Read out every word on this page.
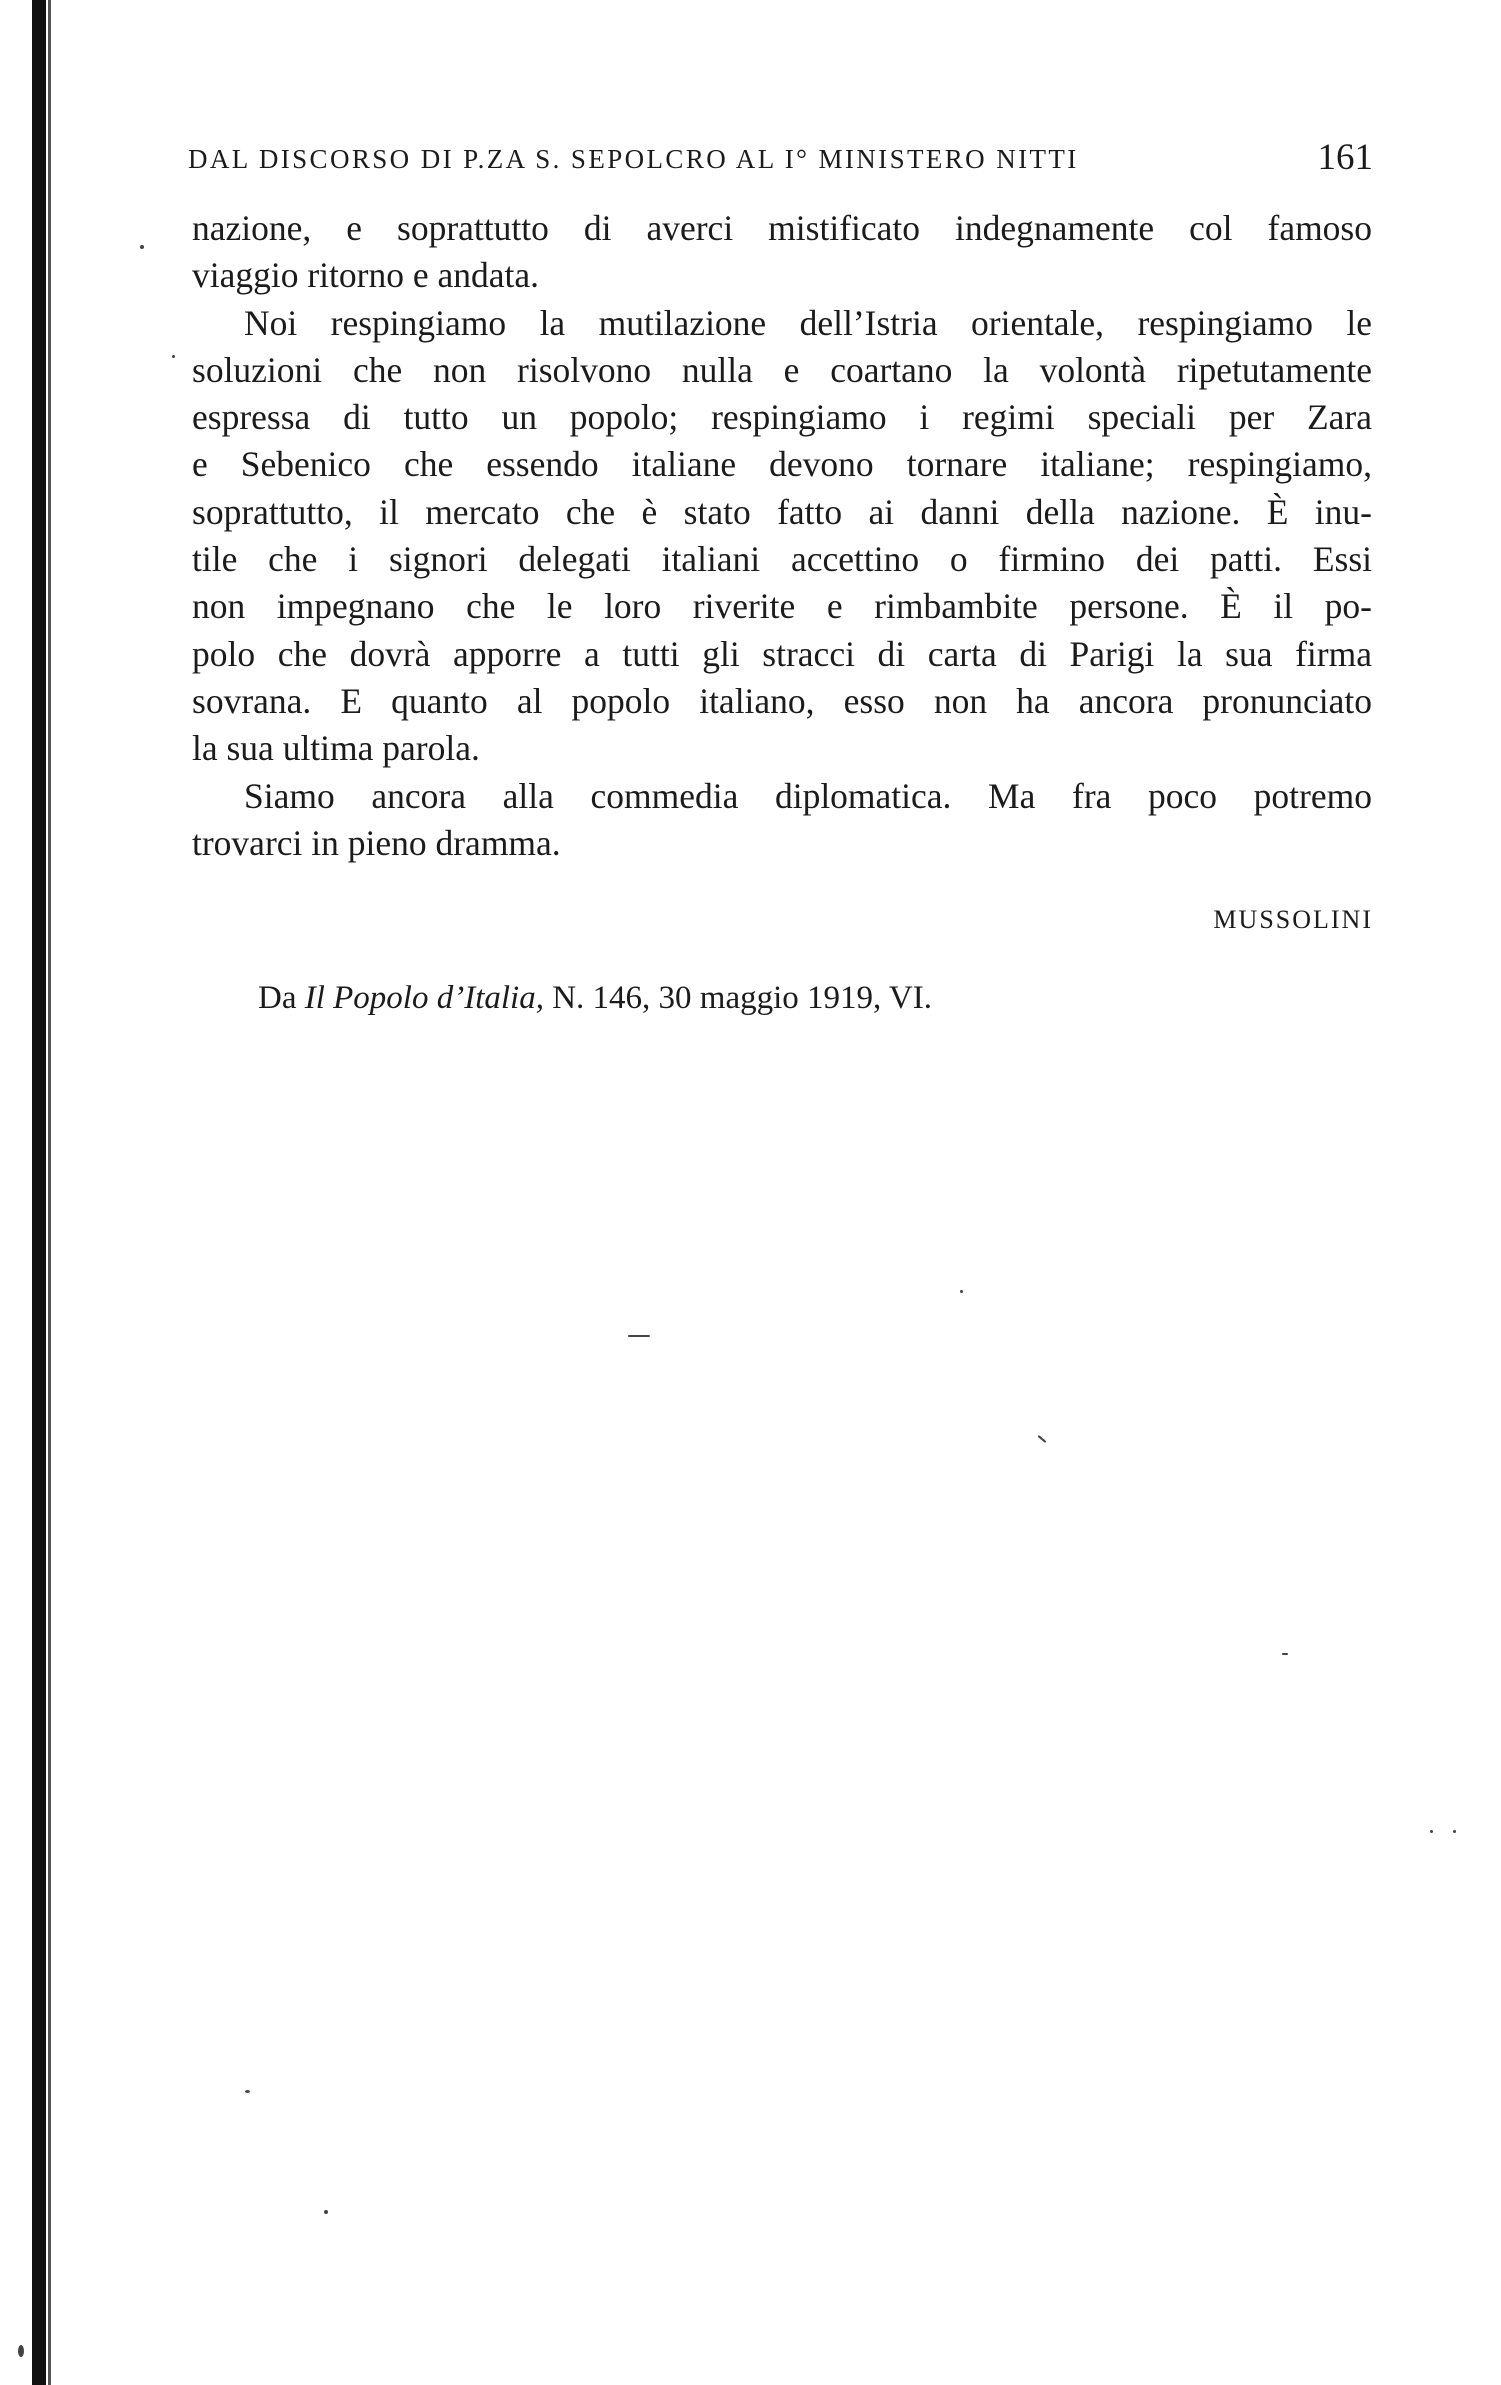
DAL DISCORSO DI P.ZA S. SEPOLCRO AL I° MINISTERO NITTI	161

nazione, e soprattutto di averci mistificato indegnamente col famoso

viaggio ritorno e andata.

Noi respingiamo la mutilazione dell’Istria orientale, respingiamo le

soluzioni che non risolvono nulla e coartano la volontà ripetutamente

espressa di tutto un popolo; respingiamo i regimi speciali per Zara

e Sebenico che essendo italiane devono tornare italiane; respingiamo,

soprattutto, il mercato che è stato fatto ai danni della nazione. È inu-

tile che i signori delegati italiani accettino o firmino dei patti. Essi

non impegnano che le loro riverite e rimbambite persone. È il po-

polo che dovrà apporre a tutti gli stracci di carta di Parigi la sua firma

sovrana. E quanto al popolo italiano, esso non ha ancora pronunciato

la sua ultima parola.

Siamo ancora alla commedia diplomatica. Ma fra poco potremo

trovarci in pieno dramma.

MUSSOLINI
Da Il Popolo d’Italia, N. 146, 30 maggio 1919, VI.
